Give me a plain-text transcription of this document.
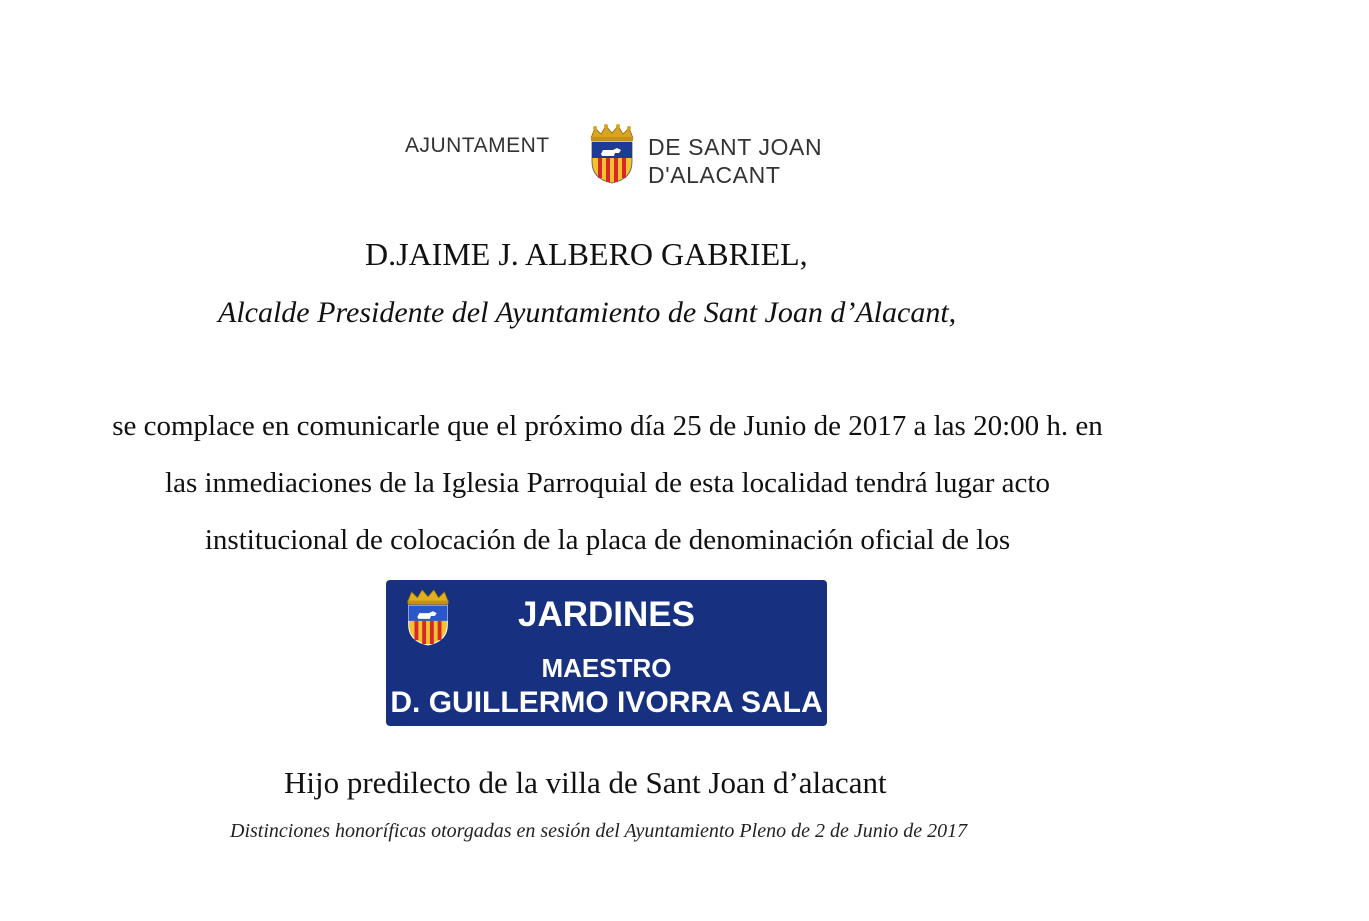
AJUNTAMENT	DE SANT JOAN
D'ALACANT
D.JAIME J. ALBERO GABRIEL,
Alcalde Presidente del Ayuntamiento de Sant Joan d’Alacant,
se complace en comunicarle que el próximo día 25 de Junio de 2017 a las 20:00 h. en
las inmediaciones de la Iglesia Parroquial de esta localidad tendrá lugar acto
institucional de colocación de la placa de denominación oficial de los
JARDINES
MAESTRO
D. GUILLERMO IVORRA SALA
Hijo predilecto de la villa de Sant Joan d’alacant
Distinciones honoríficas otorgadas en sesión del Ayuntamiento Pleno de 2 de Junio de 2017
